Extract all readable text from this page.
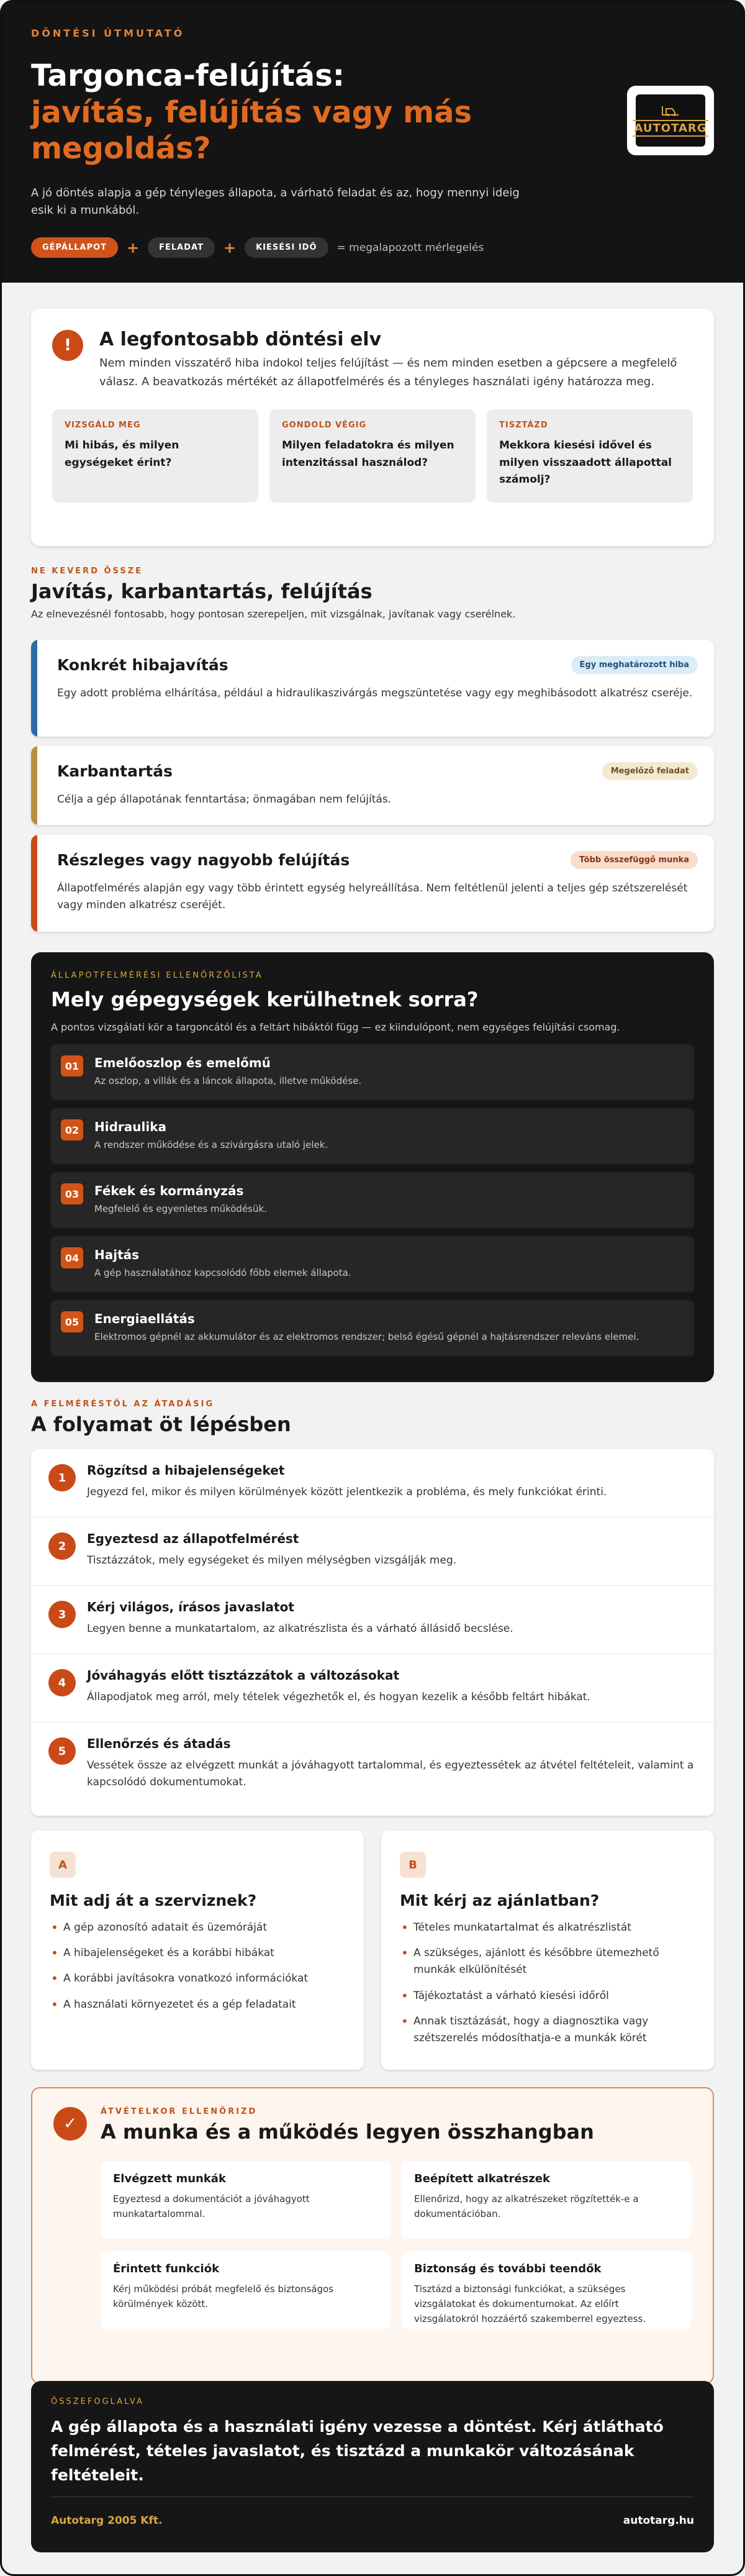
DÖNTÉSI ÚTMUTATÓ
Targonca-felújítás:
javítás, felújítás vagy más megoldás?

A jó döntés alapja a gép tényleges állapota, a várható feladat és az, hogy mennyi ideig esik ki a munkából.

GÉPÁLLAPOT	+	FELADAT	+	KIESÉSI IDŐ	= megalapozott mérlegelés
AUTOTARG
!	A legfontosabb döntési elv

Nem minden visszatérő hiba indokol teljes felújítást — és nem minden esetben a gépcsere a megfelelő válasz. A beavatkozás mértékét az állapotfelmérés és a tényleges használati igény határozza meg.

VIZSGÁLD MEG
Mi hibás, és milyen egységeket érint?
GONDOLD VÉGIG
Milyen feladatokra és milyen intenzitással használod?
TISZTÁZD
Mekkora kiesési idővel és milyen visszaadott állapottal számolj?
NE KEVERD ÖSSZE
Javítás, karbantartás, felújítás
Az elnevezésnél fontosabb, hogy pontosan szerepeljen, mit vizsgálnak, javítanak vagy cserélnek.
Konkrét hibajavítás	Egy meghatározott hiba

Egy adott probléma elhárítása, például a hidraulikaszivárgás megszüntetése vagy egy meghibásodott alkatrész cseréje.

Karbantartás	Megelőző feladat

Célja a gép állapotának fenntartása; önmagában nem felújítás.

Részleges vagy nagyobb felújítás	Több összefüggő munka

Állapotfelmérés alapján egy vagy több érintett egység helyreállítása. Nem feltétlenül jelenti a teljes gép szétszerelését vagy minden alkatrész cseréjét.

ÁLLAPOTFELMÉRÉSI ELLENŐRZŐLISTA
Mely gépegységek kerülhetnek sorra?
A pontos vizsgálati kör a targoncától és a feltárt hibáktól függ — ez kiindulópont, nem egységes felújítási csomag.
01	Emelőoszlop és emelőmű
Az oszlop, a villák és a láncok állapota, illetve működése.
02	Hidraulika
A rendszer működése és a szivárgásra utaló jelek.
03	Fékek és kormányzás
Megfelelő és egyenletes működésük.
04	Hajtás
A gép használatához kapcsolódó főbb elemek állapota.
05	Energiaellátás
Elektromos gépnél az akkumulátor és az elektromos rendszer; belső égésű gépnél a hajtásrendszer releváns elemei.
A FELMÉRÉSTŐL AZ ÁTADÁSIG
A folyamat öt lépésben
1	Rögzítsd a hibajelenségeket
Jegyezd fel, mikor és milyen körülmények között jelentkezik a probléma, és mely funkciókat érinti.
2	Egyeztesd az állapotfelmérést
Tisztázzátok, mely egységeket és milyen mélységben vizsgálják meg.
3	Kérj világos, írásos javaslatot
Legyen benne a munkatartalom, az alkatrészlista és a várható állásidő becslése.
4	Jóváhagyás előtt tisztázzátok a változásokat
Állapodjatok meg arról, mely tételek végezhetők el, és hogyan kezelik a később feltárt hibákat.
5	Ellenőrzés és átadás
Vessétek össze az elvégzett munkát a jóváhagyott tartalommal, és egyeztessétek az átvétel feltételeit, valamint a kapcsolódó dokumentumokat.
A
Mit adj át a szerviznek?
• A gép azonosító adatait és üzemóráját
• A hibajelenségeket és a korábbi hibákat
• A korábbi javításokra vonatkozó információkat
• A használati környezetet és a gép feladatait
B
Mit kérj az ajánlatban?
• Tételes munkatartalmat és alkatrészlistát
• A szükséges, ajánlott és későbbre ütemezhető munkák elkülönítését
• Tájékoztatást a várható kiesési időről
• Annak tisztázását, hogy a diagnosztika vagy szétszerelés módosíthatja-e a munkák körét
✓
ÁTVÉTELKOR ELLENŐRIZD
A munka és a működés legyen összhangban
Elvégzett munkák
Egyeztesd a dokumentációt a jóváhagyott munkatartalommal.
Beépített alkatrészek
Ellenőrizd, hogy az alkatrészeket rögzítették-e a dokumentációban.
Érintett funkciók
Kérj működési próbát megfelelő és biztonságos körülmények között.
Biztonság és további teendők
Tisztázd a biztonsági funkciókat, a szükséges vizsgálatokat és dokumentumokat. Az előírt vizsgálatokról hozzáértő szakemberrel egyeztess.
ÖSSZEFOGLALVA
A gép állapota és a használati igény vezesse a döntést. Kérj átlátható felmérést, tételes javaslatot, és tisztázd a munkakör változásának feltételeit.
Autotarg 2005 Kft.	autotarg.hu
